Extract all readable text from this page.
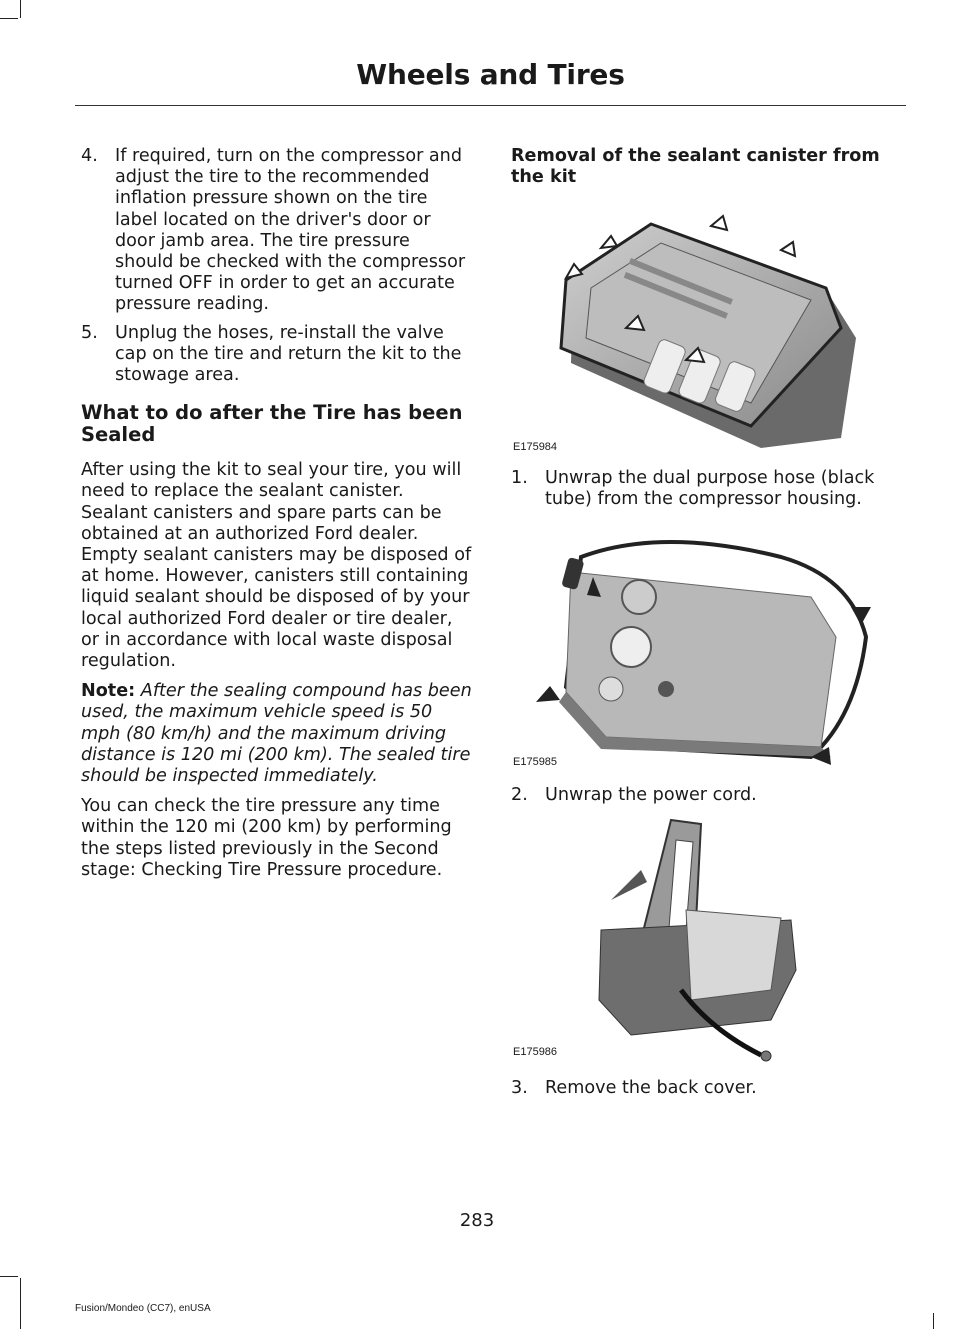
Wheels and Tires
4. If required, turn on the compressor and adjust the tire to the recommended inflation pressure shown on the tire label located on the driver's door or door jamb area. The tire pressure should be checked with the compressor turned OFF in order to get an accurate pressure reading.
5. Unplug the hoses, re-install the valve cap on the tire and return the kit to the stowage area.
What to do after the Tire has been Sealed

After using the kit to seal your tire, you will need to replace the sealant canister. Sealant canisters and spare parts can be obtained at an authorized Ford dealer. Empty sealant canisters may be disposed of at home. However, canisters still containing liquid sealant should be disposed of by your local authorized Ford dealer or tire dealer, or in accordance with local waste disposal regulation.

Note: After the sealing compound has been used, the maximum vehicle speed is 50 mph (80 km/h) and the maximum driving distance is 120 mi (200 km). The sealed tire should be inspected immediately.

You can check the tire pressure any time within the 120 mi (200 km) by performing the steps listed previously in the Second stage: Checking Tire Pressure procedure.

Removal of the sealant canister from the kit
E175984
1. Unwrap the dual purpose hose (black tube) from the compressor housing.
E175985
2. Unwrap the power cord.
E175986
3. Remove the back cover.
283
Fusion/Mondeo (CC7), enUSA
